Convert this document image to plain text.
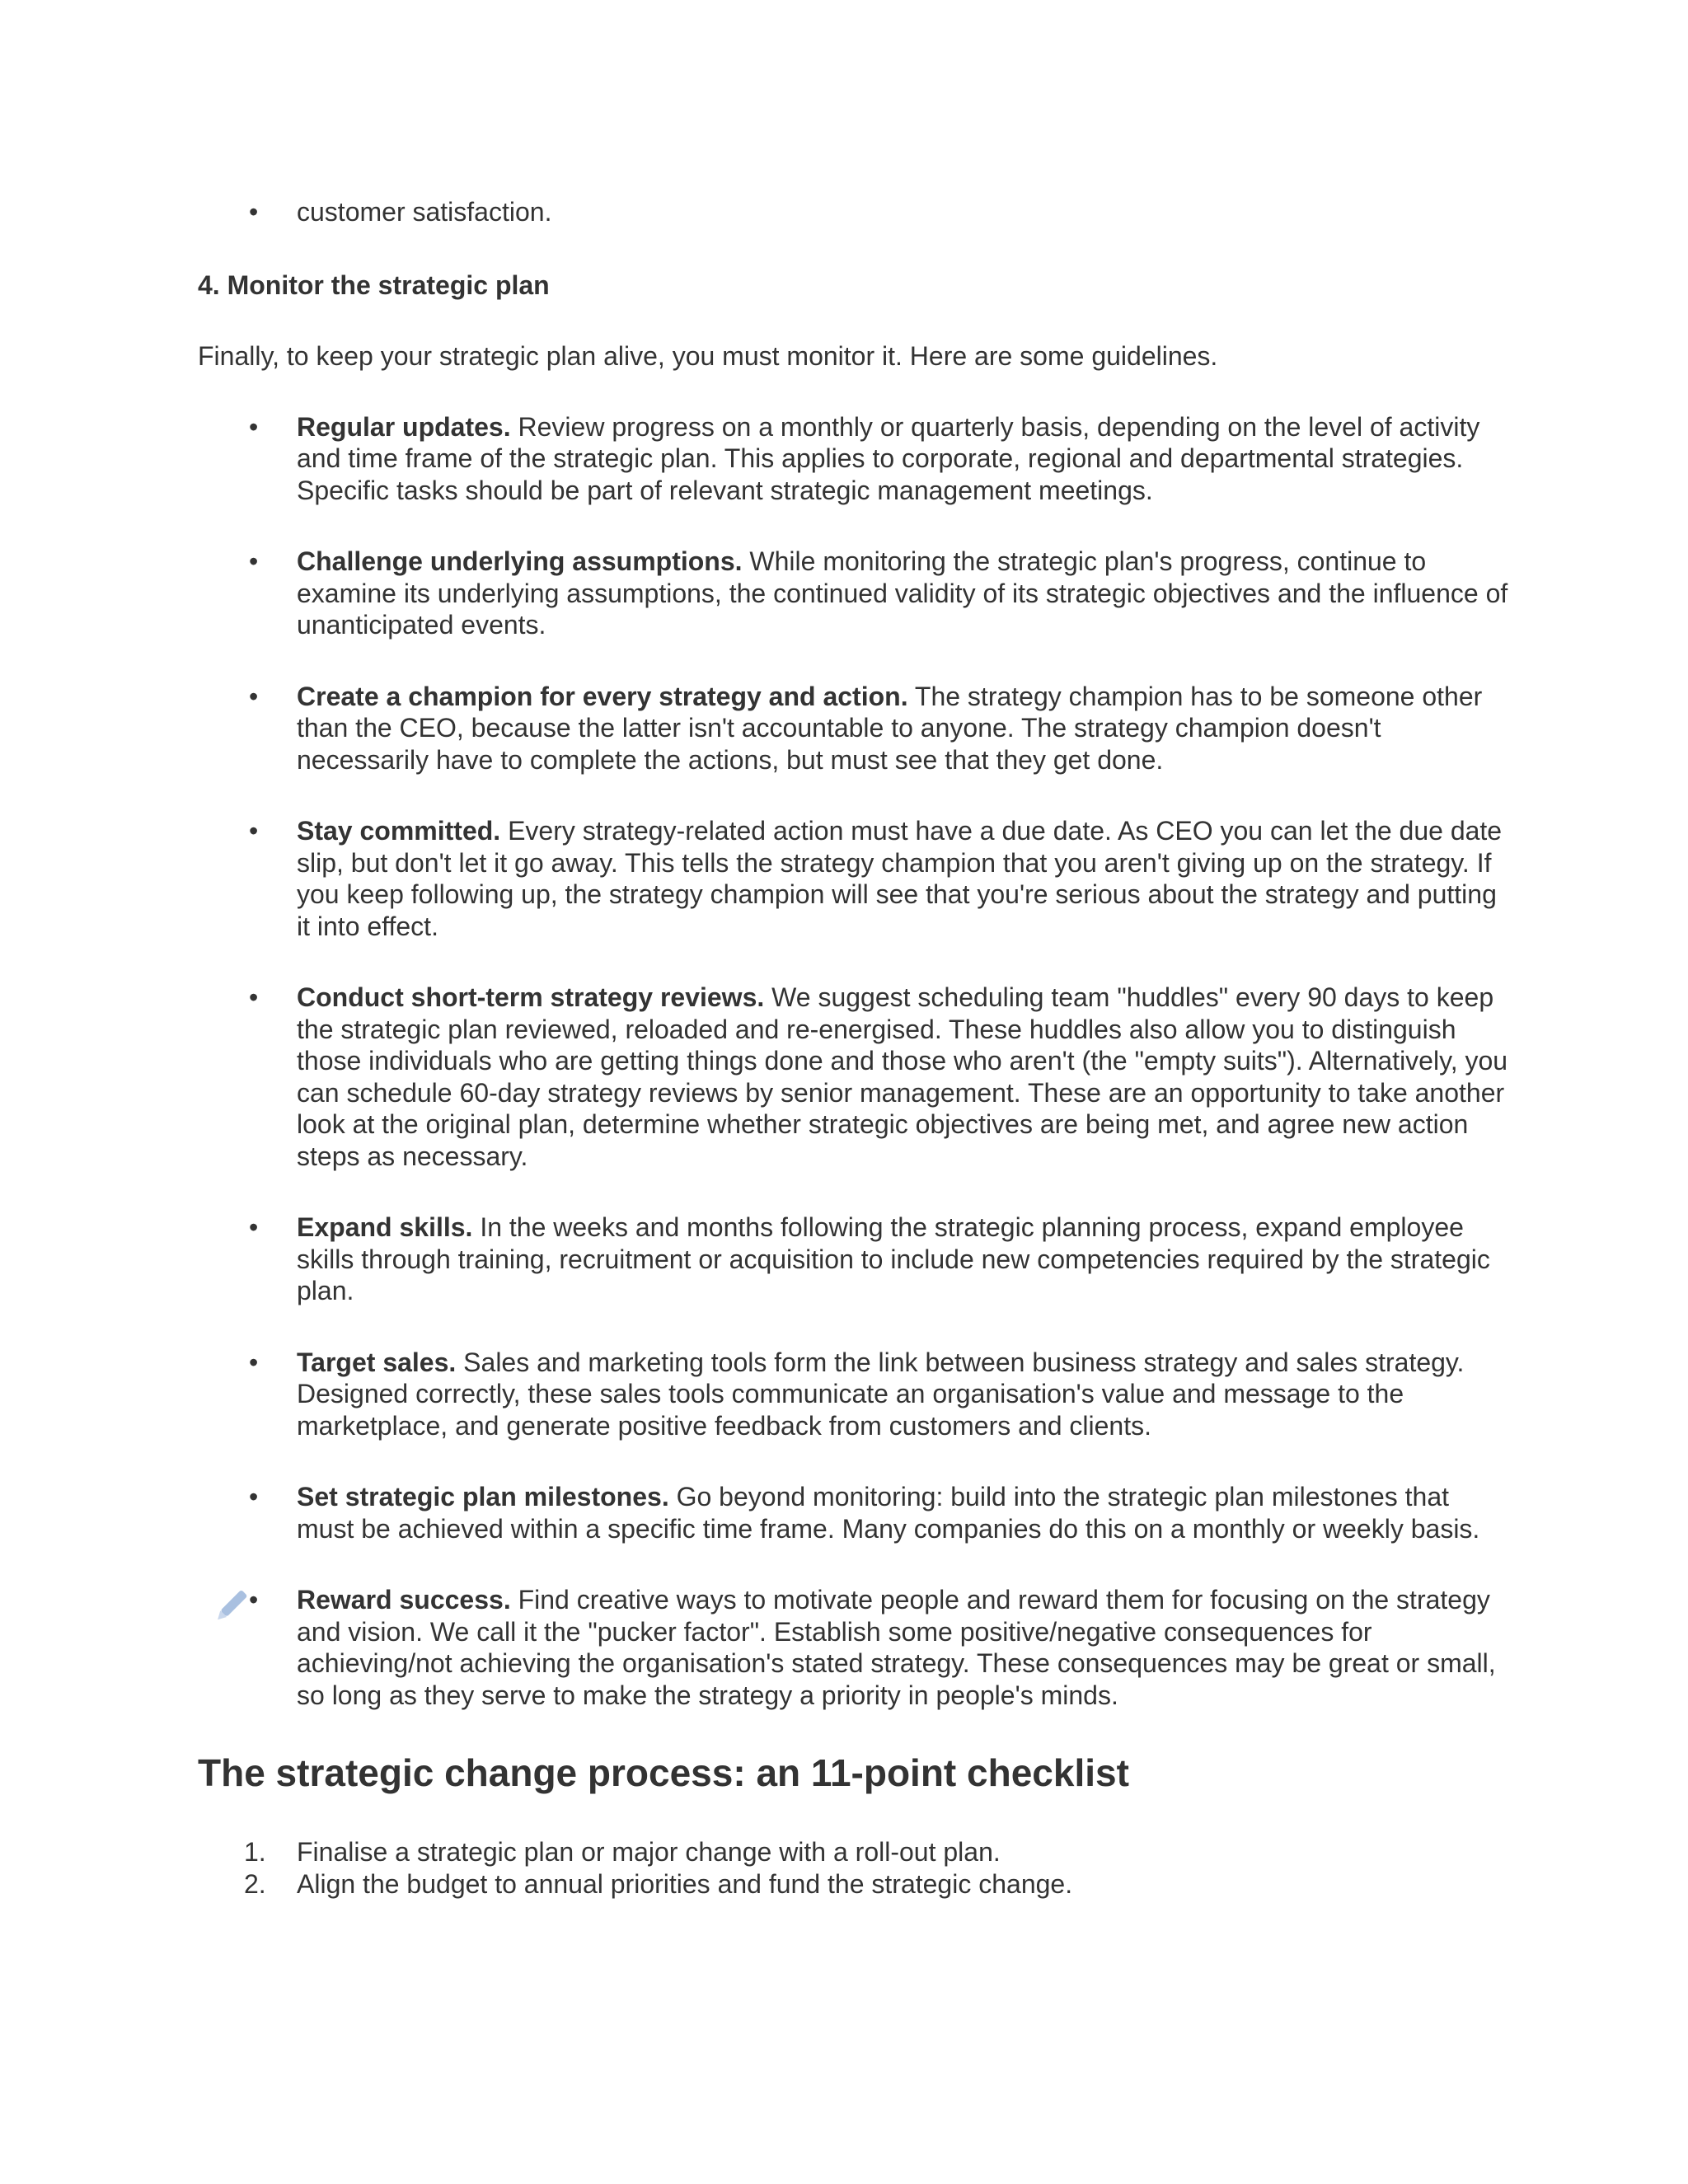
• customer satisfaction.
4. Monitor the strategic plan

Finally, to keep your strategic plan alive, you must monitor it. Here are some guidelines.

• Regular updates. Review progress on a monthly or quarterly basis, depending on the level of activity and time frame of the strategic plan. This applies to corporate, regional and departmental strategies. Specific tasks should be part of relevant strategic management meetings.
• Challenge underlying assumptions. While monitoring the strategic plan's progress, continue to examine its underlying assumptions, the continued validity of its strategic objectives and the influence of unanticipated events.
• Create a champion for every strategy and action. The strategy champion has to be someone other than the CEO, because the latter isn't accountable to anyone. The strategy champion doesn't necessarily have to complete the actions, but must see that they get done.
• Stay committed. Every strategy-related action must have a due date. As CEO you can let the due date slip, but don't let it go away. This tells the strategy champion that you aren't giving up on the strategy. If you keep following up, the strategy champion will see that you're serious about the strategy and putting it into effect.
• Conduct short-term strategy reviews. We suggest scheduling team "huddles" every 90 days to keep the strategic plan reviewed, reloaded and re-energised. These huddles also allow you to distinguish those individuals who are getting things done and those who aren't (the "empty suits"). Alternatively, you can schedule 60-day strategy reviews by senior management. These are an opportunity to take another look at the original plan, determine whether strategic objectives are being met, and agree new action steps as necessary.
• Expand skills. In the weeks and months following the strategic planning process, expand employee skills through training, recruitment or acquisition to include new competencies required by the strategic plan.
• Target sales. Sales and marketing tools form the link between business strategy and sales strategy. Designed correctly, these sales tools communicate an organisation's value and message to the marketplace, and generate positive feedback from customers and clients.
• Set strategic plan milestones. Go beyond monitoring: build into the strategic plan milestones that must be achieved within a specific time frame. Many companies do this on a monthly or weekly basis.
• Reward success. Find creative ways to motivate people and reward them for focusing on the strategy and vision. We call it the "pucker factor". Establish some positive/negative consequences for achieving/not achieving the organisation's stated strategy. These consequences may be great or small, so long as they serve to make the strategy a priority in people's minds.
The strategic change process: an 11-point checklist
1. Finalise a strategic plan or major change with a roll-out plan.
2. Align the budget to annual priorities and fund the strategic change.
